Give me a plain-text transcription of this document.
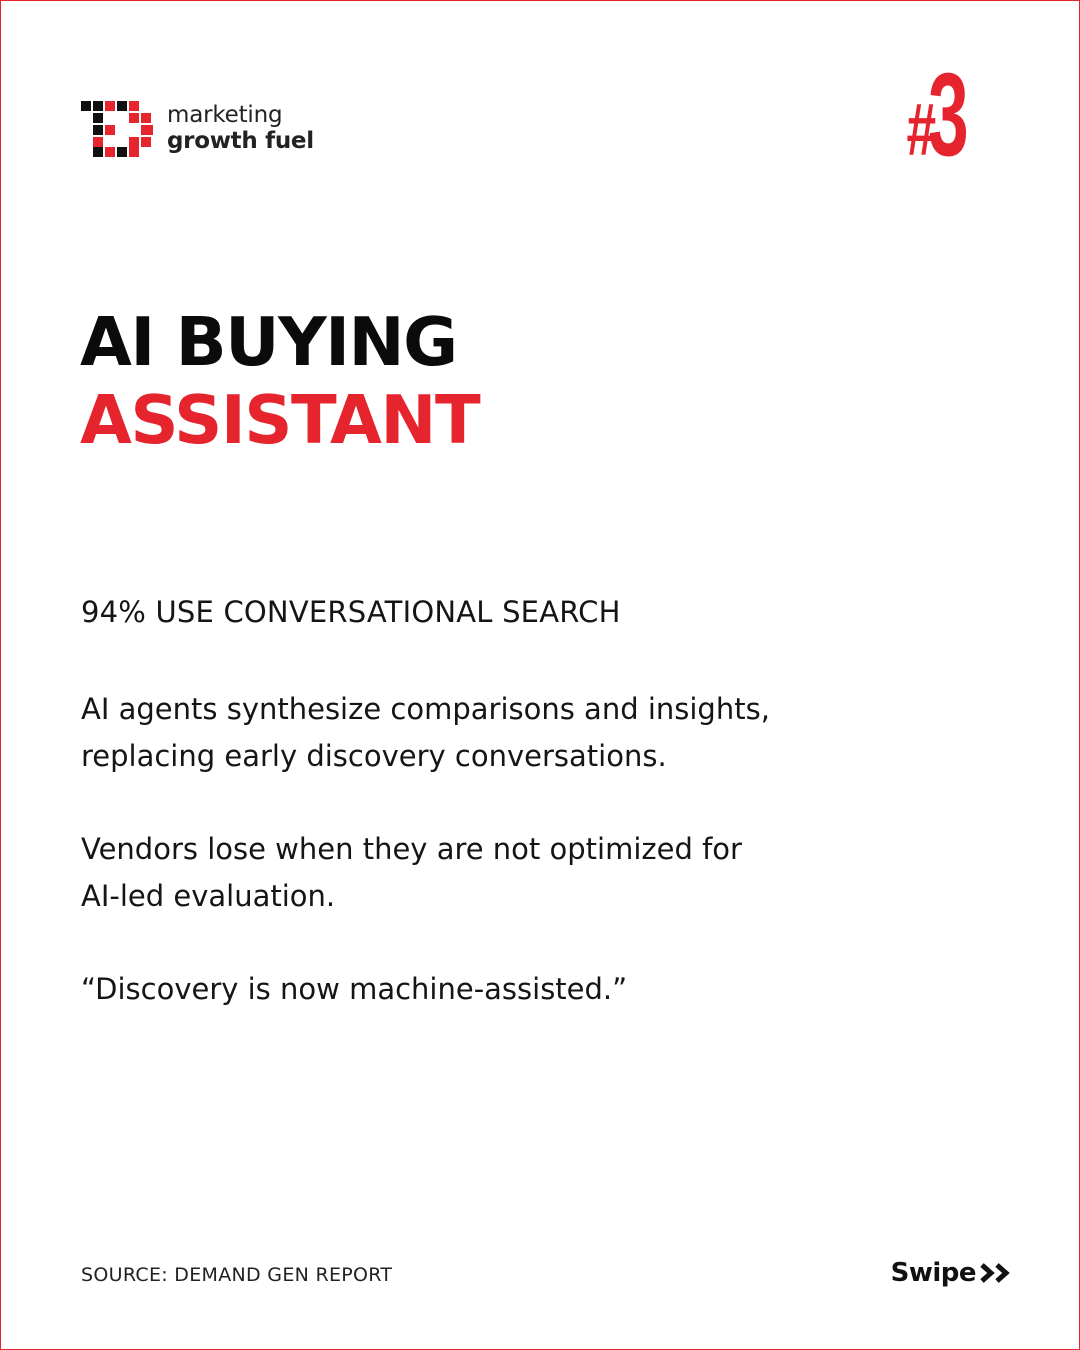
marketing
growth fuel	#
3
AI BUYING
ASSISTANT
94% USE CONVERSATIONAL SEARCH
AI agents synthesize comparisons and insights,
replacing early discovery conversations.
Vendors lose when they are not optimized for
AI-led evaluation.
“Discovery is now machine-assisted.”
SOURCE: DEMAND GEN REPORT	Swipe
